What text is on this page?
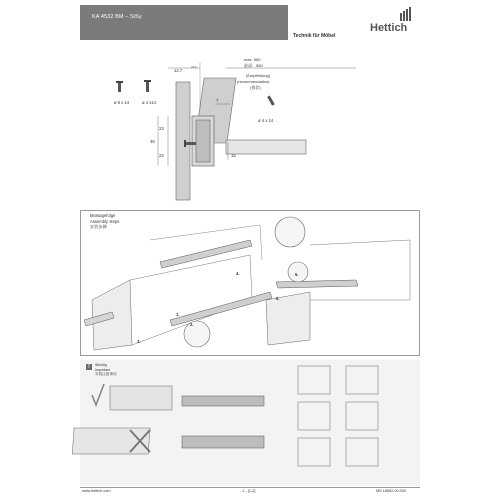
KA 4532 BM – SiSy
Hettich
Technik für Möbel
ø 6 x 14	ø 4 x14
ø 4 x 14
12.7
+0.6
max. 550
最深：550
(Empfehlung)
(recommendation)
(推荐)
7
23
46
23	15
Montagefolge
Assembly steps
安装步骤
3.
2.
1.
4.	5.
6.
!	Wichtig
Important
安装注意事项
www.hettich.com	- 1 - [1-2]	MS 18562.00.000
